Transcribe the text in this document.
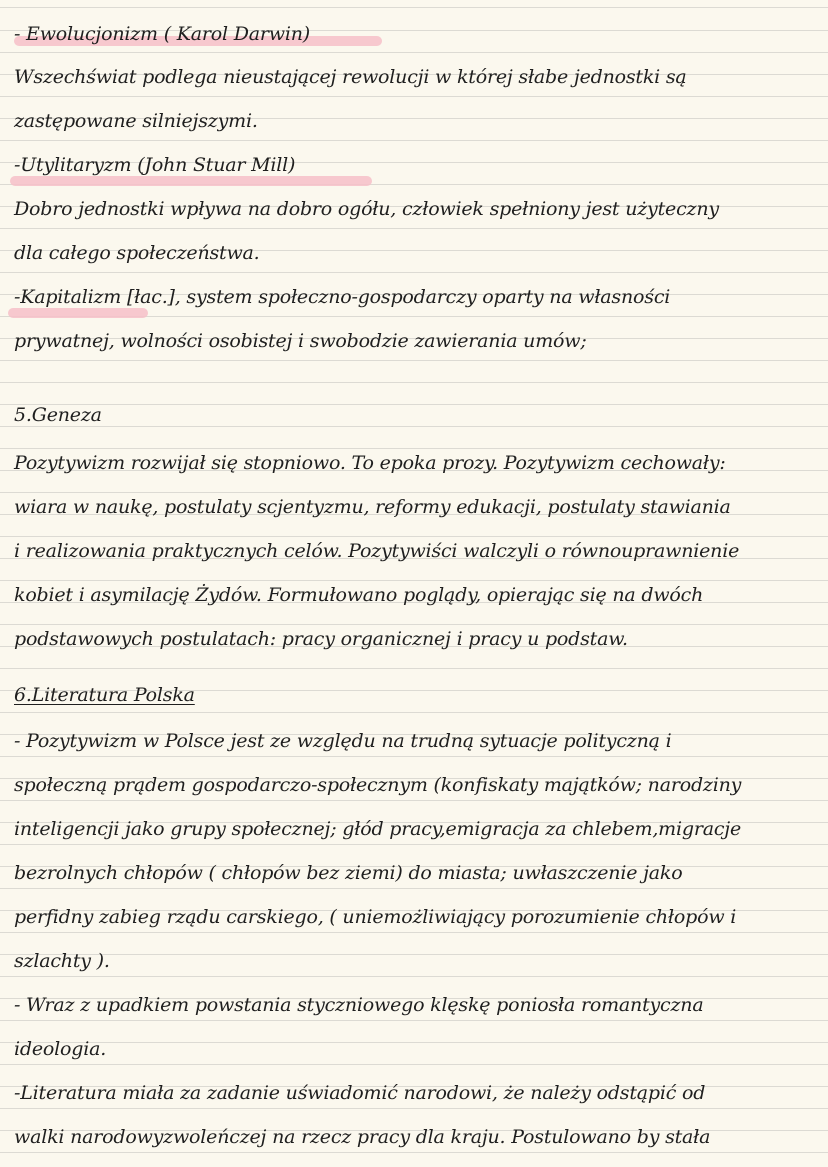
- Ewolucjonizm ( Karol Darwin)
Wszechświat podlega nieustającej rewolucji w której słabe jednostki są
zastępowane silniejszymi.
-Utylitaryzm (John Stuar Mill)
Dobro jednostki wpływa na dobro ogółu, człowiek spełniony jest użyteczny
dla całego społeczeństwa.
-Kapitalizm [łac.], system społeczno-gospodarczy oparty na własności
prywatnej, wolności osobistej i swobodzie zawierania umów;
5.Geneza
Pozytywizm rozwijał się stopniowo. To epoka prozy. Pozytywizm cechowały:
wiara w naukę, postulaty scjentyzmu, reformy edukacji, postulaty stawiania
i realizowania praktycznych celów. Pozytywiści walczyli o równouprawnienie
kobiet i asymilację Żydów. Formułowano poglądy, opierając się na dwóch
podstawowych postulatach: pracy organicznej i pracy u podstaw.
6.Literatura Polska
- Pozytywizm w Polsce jest ze względu na trudną sytuacje polityczną i
społeczną prądem gospodarczo-społecznym (konfiskaty majątków; narodziny
inteligencji jako grupy społecznej; głód pracy,emigracja za chlebem,migracje
bezrolnych chłopów ( chłopów bez ziemi) do miasta; uwłaszczenie jako
perfidny zabieg rządu carskiego, ( uniemożliwiający porozumienie chłopów i
szlachty ).
- Wraz z upadkiem powstania styczniowego klęskę poniosła romantyczna
ideologia.
-Literatura miała za zadanie uświadomić narodowi, że należy odstąpić od
walki narodowyzwoleńczej na rzecz pracy dla kraju. Postulowano by stała
